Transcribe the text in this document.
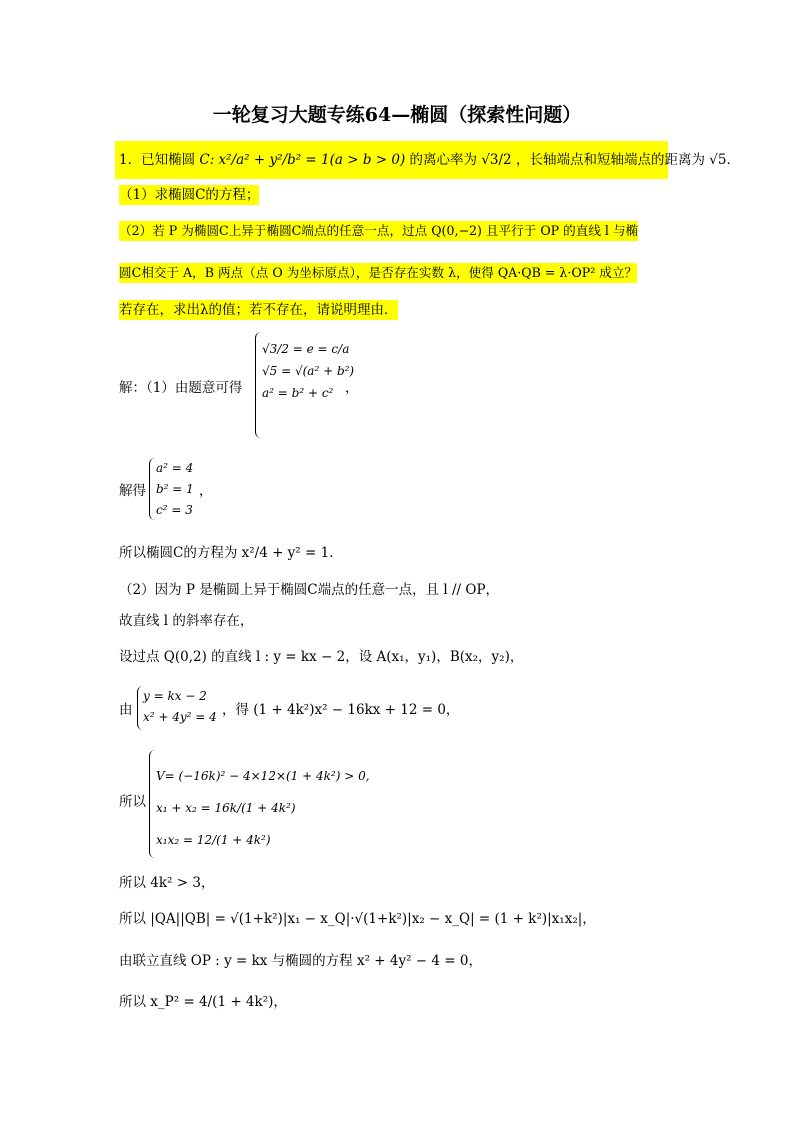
一轮复习大题专练64—椭圆（探索性问题）
1．已知椭圆 C: x²/a² + y²/b² = 1(a > b > 0) 的离心率为 √3/2 ，长轴端点和短轴端点的距离为 √5．
（1）求椭圆C的方程；
（2）若 P 为椭圆C上异于椭圆C端点的任意一点，过点 Q(0,−2) 且平行于 OP 的直线 l 与椭
圆C相交于 A，B 两点（点 O 为坐标原点），是否存在实数 λ，使得 QA·QB = λ·OP² 成立？
若存在，求出λ的值；若不存在，请说明理由．
解：（1）由题意可得
√3/2 = e = c/a
√5 = √(a² + b²)
a² = b² + c² ，
解得
a² = 4
b² = 1
c² = 3
，
所以椭圆C的方程为 x²/4 + y² = 1．
（2）因为 P 是椭圆上异于椭圆C端点的任意一点，且 l // OP，
故直线 l 的斜率存在，
设过点 Q(0,2) 的直线 l : y = kx − 2，设 A(x₁，y₁)，B(x₂，y₂)，
由
y = kx − 2
x² + 4y² = 4 ，得 (1 + 4k²)x² − 16kx + 12 = 0，
所以
V= (−16k)² − 4×12×(1 + 4k²) > 0,
x₁ + x₂ = 16k/(1 + 4k²)
x₁x₂ = 12/(1 + 4k²)
所以 4k² > 3，
所以 |QA||QB| = √(1+k²)|x₁ − x_Q|·√(1+k²)|x₂ − x_Q| = (1 + k²)|x₁x₂|，
由联立直线 OP : y = kx 与椭圆的方程 x² + 4y² − 4 = 0，
所以 x_P² = 4/(1 + 4k²)，
